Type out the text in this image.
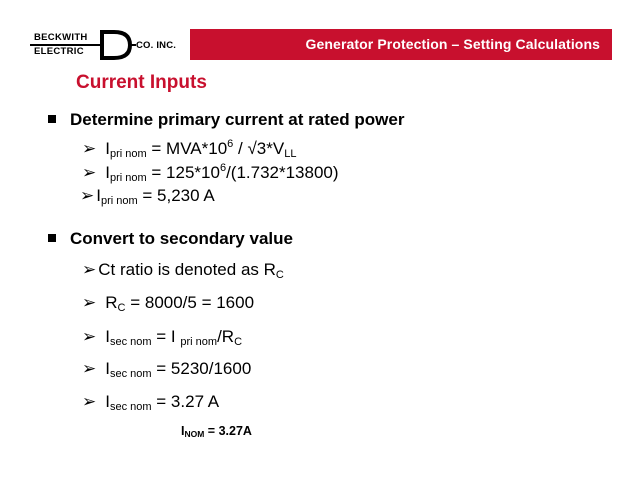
Generator Protection – Setting Calculations
BECKWITH
ELECTRIC
CO. INC.
Current Inputs
Determine primary current at rated power
➢ $I_{pri nom} = MVA*10^6 / √3*V_{LL}$
➢ $I_{pri nom} = 125*10^6/(1.732*13800)$
➢ $I_{pri nom} = 5,230$ A
Convert to secondary value
➢ Ct ratio is denoted as $R_C$
➢ $R_C = 8000/5 = 1600$
➢ $I_{sec nom} = I$ $_{pri nom}/R_C$
➢ $I_{sec nom} = 5230/1600$
➢ $I_{sec nom} = 3.27$ A
$I_{NOM} = 3.27A$
